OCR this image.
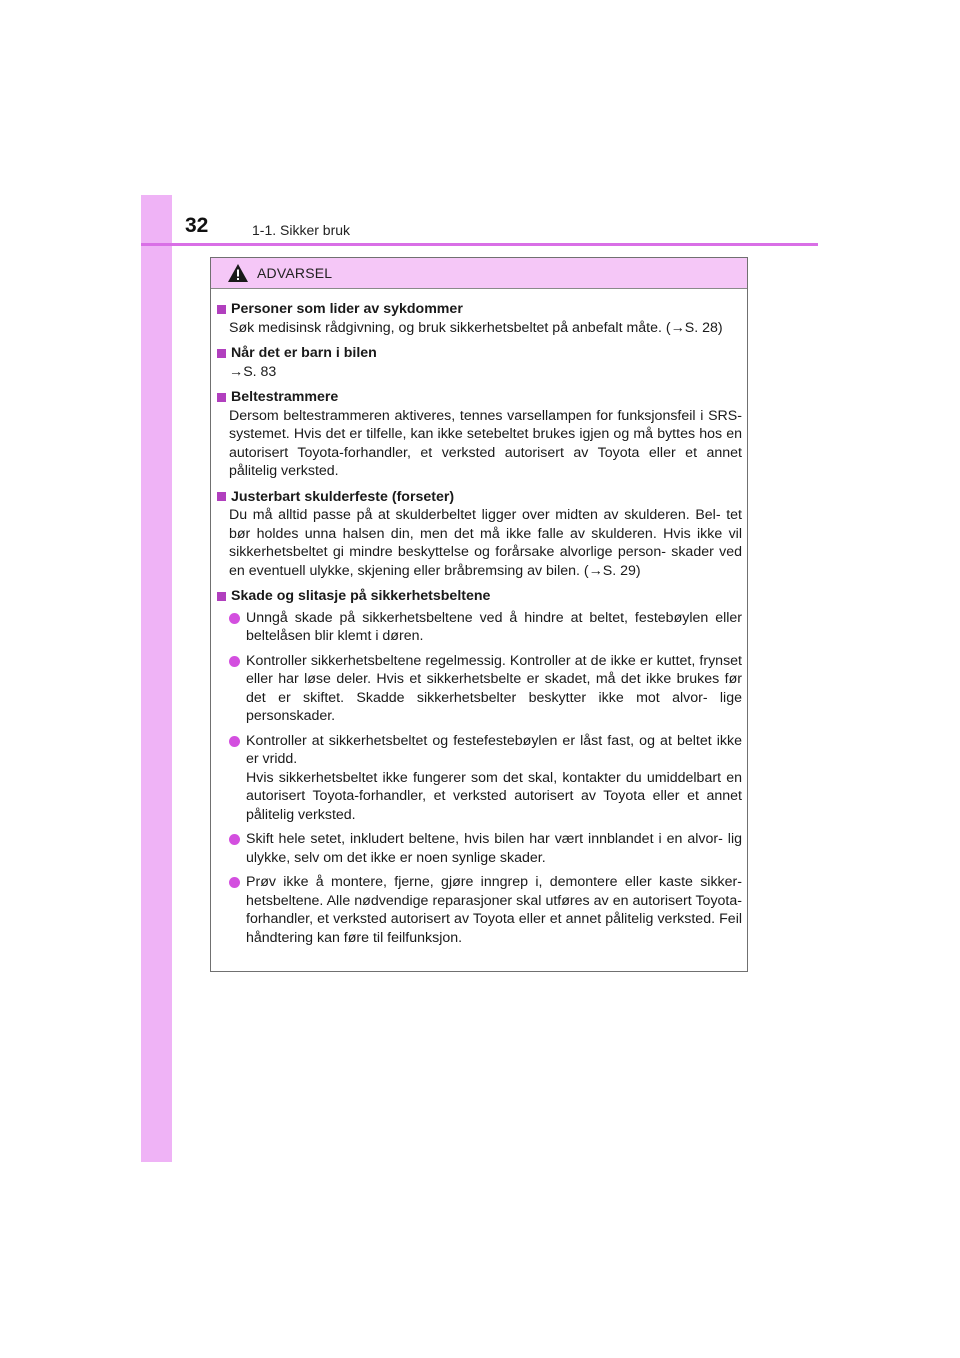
32	1-1. Sikker bruk
ADVARSEL
Personer som lider av sykdommer
Søk medisinsk rådgivning, og bruk sikkerhetsbeltet på anbefalt måte. (→S. 28)
Når det er barn i bilen
→S. 83
Beltestrammere
Dersom beltestrammeren aktiveres, tennes varsellampen for funksjonsfeil i SRS-systemet. Hvis det er tilfelle, kan ikke setebeltet brukes igjen og må byttes hos en autorisert Toyota-forhandler, et verksted autorisert av Toyota eller et annet pålitelig verksted.
Justerbart skulderfeste (forseter)
Du må alltid passe på at skulderbeltet ligger over midten av skulderen. Bel- tet bør holdes unna halsen din, men det må ikke falle av skulderen. Hvis ikke vil sikkerhetsbeltet gi mindre beskyttelse og forårsake alvorlige person- skader ved en eventuell ulykke, skjening eller bråbremsing av bilen. (→S. 29)
Skade og slitasje på sikkerhetsbeltene
Unngå skade på sikkerhetsbeltene ved å hindre at beltet, festebøylen eller beltelåsen blir klemt i døren.
Kontroller sikkerhetsbeltene regelmessig. Kontroller at de ikke er kuttet, frynset eller har løse deler. Hvis et sikkerhetsbelte er skadet, må det ikke brukes før det er skiftet. Skadde sikkerhetsbelter beskytter ikke mot alvor- lige personskader.
Kontroller at sikkerhetsbeltet og festefestebøylen er låst fast, og at beltet ikke er vridd.
Hvis sikkerhetsbeltet ikke fungerer som det skal, kontakter du umiddelbart en autorisert Toyota-forhandler, et verksted autorisert av Toyota eller et annet pålitelig verksted.
Skift hele setet, inkludert beltene, hvis bilen har vært innblandet i en alvor- lig ulykke, selv om det ikke er noen synlige skader.
Prøv ikke å montere, fjerne, gjøre inngrep i, demontere eller kaste sikker- hetsbeltene. Alle nødvendige reparasjoner skal utføres av en autorisert Toyota-forhandler, et verksted autorisert av Toyota eller et annet pålitelig verksted. Feil håndtering kan føre til feilfunksjon.
